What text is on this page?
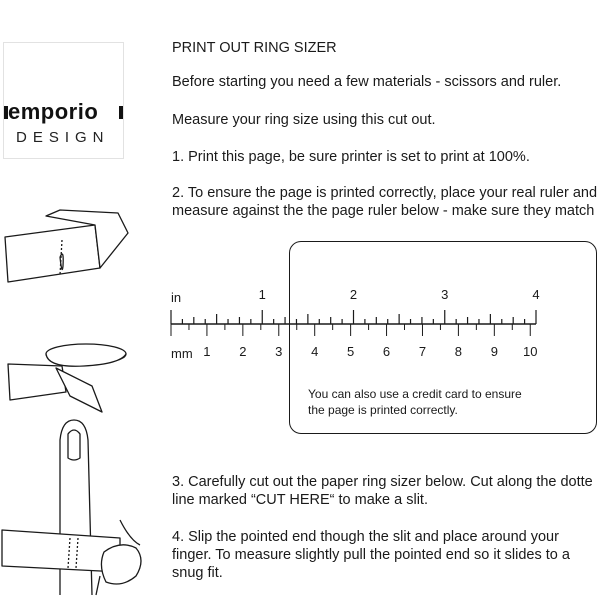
emporio
DESIGN
PRINT OUT RING SIZER
Before starting you need a few materials - scissors and ruler.
Measure your ring size using this cut out.
1. Print this page, be sure printer is set to print at 100%.
2. To ensure the page is printed correctly, place your real ruler and
measure against the the page ruler below - make sure they match
3. Carefully cut out the paper ring sizer below. Cut along the dotte
line marked “CUT HERE“ to make a slit.
4. Slip the pointed end though the slit and place around your
finger. To measure slightly pull the pointed end so it slides to a
snug fit.
You can also use a credit card to ensure
the page is printed correctly.
in
mm
1	2	3	4
1 2 3 4 5 6 7 8 9 10
